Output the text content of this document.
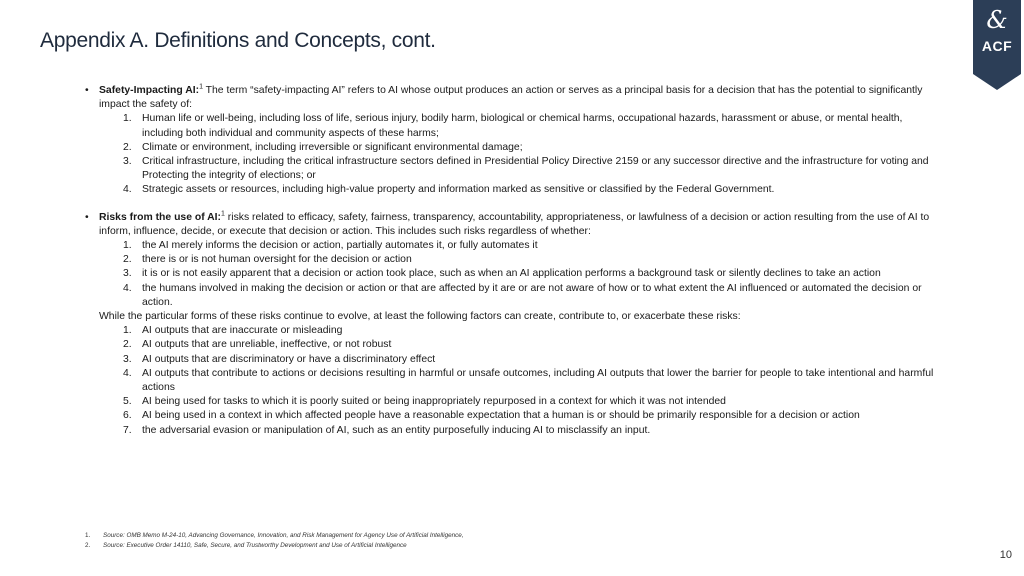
Appendix A. Definitions and Concepts, cont.
&
ACF
• Safety-Impacting AI:$^1$ The term “safety-impacting AI” refers to AI whose output produces an action or serves as a principal basis for a decision that has the potential to significantly impact the safety of:
1. Human life or well-being, including loss of life, serious injury, bodily harm, biological or chemical harms, occupational hazards, harassment or abuse, or mental health, including both individual and community aspects of these harms;
2. Climate or environment, including irreversible or significant environmental damage;
3. Critical infrastructure, including the critical infrastructure sectors defined in Presidential Policy Directive 2159 or any successor directive and the infrastructure for voting and Protecting the integrity of elections; or
4. Strategic assets or resources, including high-value property and information marked as sensitive or classified by the Federal Government.
• Risks from the use of AI:$^1$ risks related to efficacy, safety, fairness, transparency, accountability, appropriateness, or lawfulness of a decision or action resulting from the use of AI to inform, influence, decide, or execute that decision or action. This includes such risks regardless of whether:
1. the AI merely informs the decision or action, partially automates it, or fully automates it
2. there is or is not human oversight for the decision or action
3. it is or is not easily apparent that a decision or action took place, such as when an AI application performs a background task or silently declines to take an action
4. the humans involved in making the decision or action or that are affected by it are or are not aware of how or to what extent the AI influenced or automated the decision or action.
While the particular forms of these risks continue to evolve, at least the following factors can create, contribute to, or exacerbate these risks:
1. AI outputs that are inaccurate or misleading
2. AI outputs that are unreliable, ineffective, or not robust
3. AI outputs that are discriminatory or have a discriminatory effect
4. AI outputs that contribute to actions or decisions resulting in harmful or unsafe outcomes, including AI outputs that lower the barrier for people to take intentional and harmful actions
5. AI being used for tasks to which it is poorly suited or being inappropriately repurposed in a context for which it was not intended
6. AI being used in a context in which affected people have a reasonable expectation that a human is or should be primarily responsible for a decision or action
7. the adversarial evasion or manipulation of AI, such as an entity purposefully inducing AI to misclassify an input.
1. Source: OMB Memo M-24-10, Advancing Governance, Innovation, and Risk Management for Agency Use of Artificial Intelligence,
2. Source: Executive Order 14110, Safe, Secure, and Trustworthy Development and Use of Artificial Intelligence
10
